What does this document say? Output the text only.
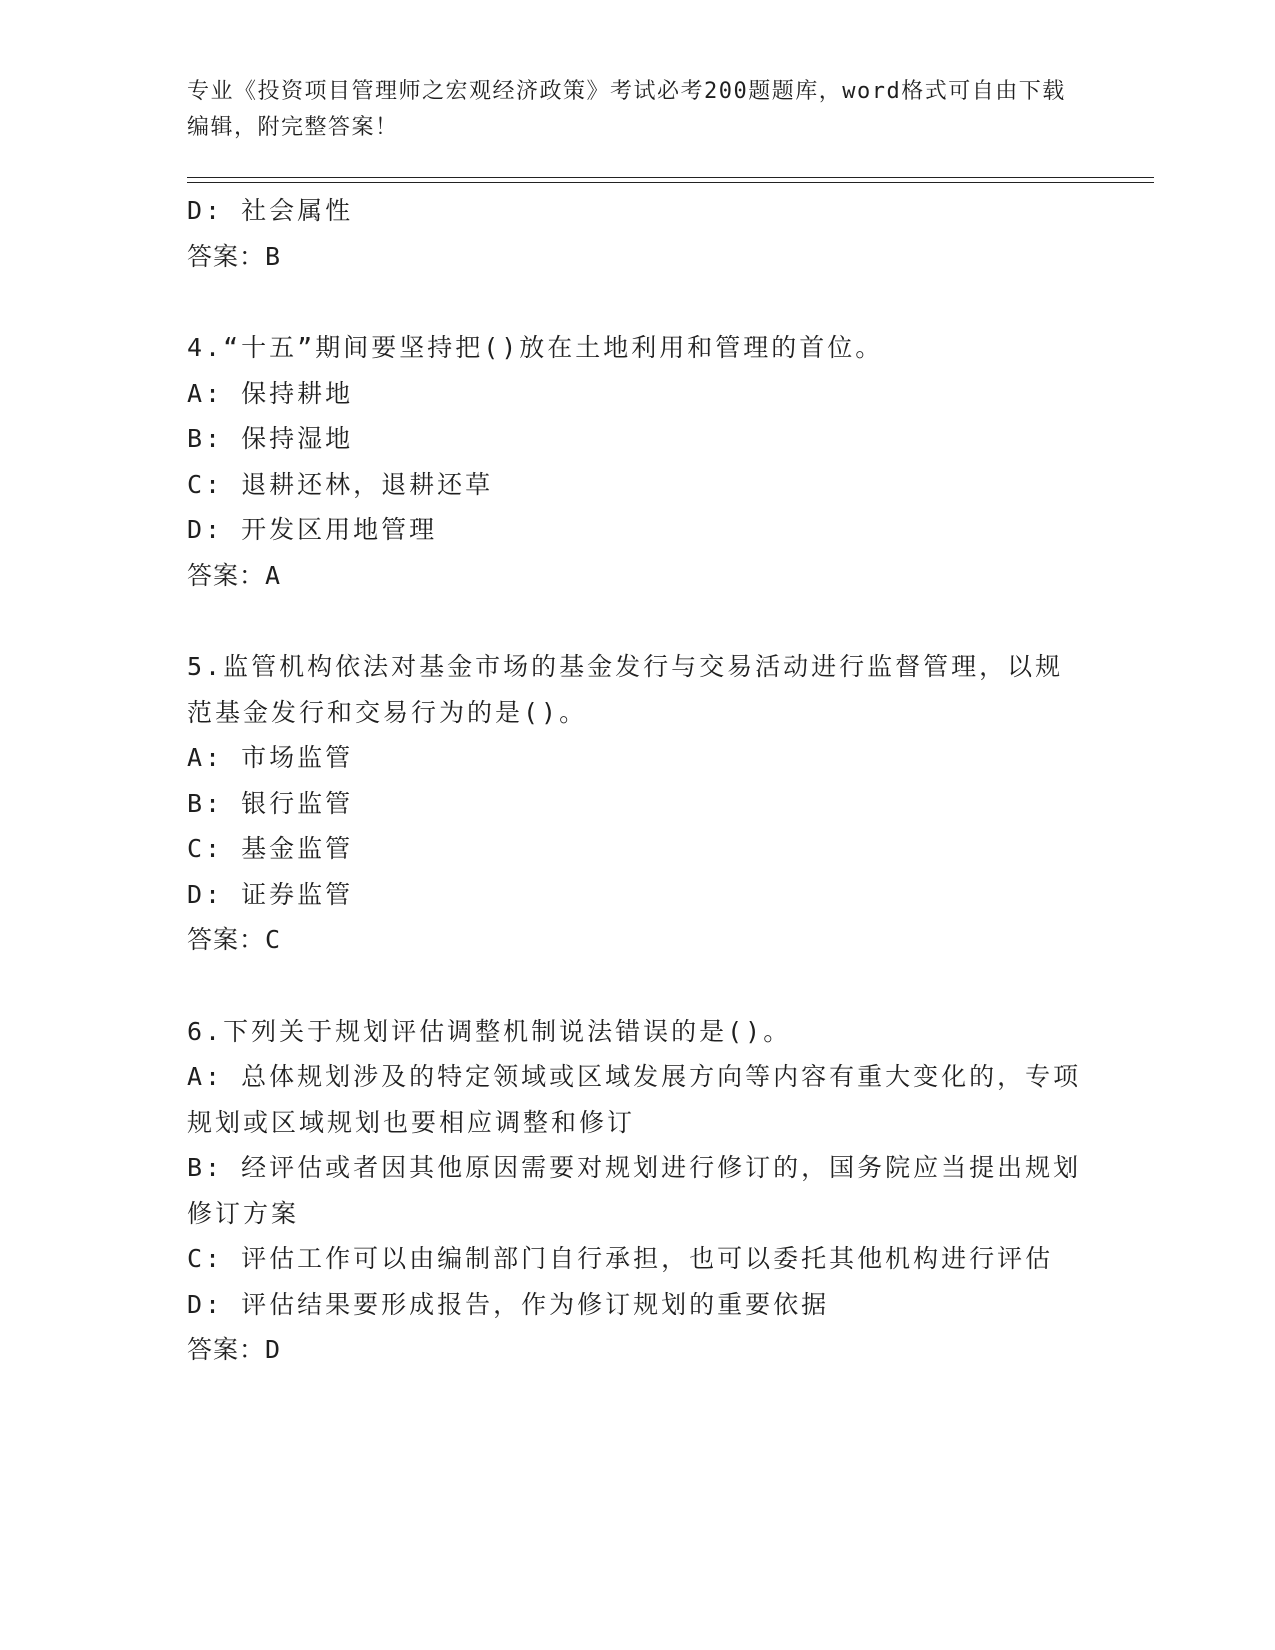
专业《投资项目管理师之宏观经济政策》考试必考200题题库，word格式可自由下载编辑，附完整答案！
D: 社会属性
答案：B
4.“十五”期间要坚持把()放在土地利用和管理的首位。
A: 保持耕地
B: 保持湿地
C: 退耕还林，退耕还草
D: 开发区用地管理
答案：A
5.监管机构依法对基金市场的基金发行与交易活动进行监督管理，以规范基金发行和交易行为的是()。
A: 市场监管
B: 银行监管
C: 基金监管
D: 证券监管
答案：C
6.下列关于规划评估调整机制说法错误的是()。
A: 总体规划涉及的特定领域或区域发展方向等内容有重大变化的，专项规划或区域规划也要相应调整和修订
B: 经评估或者因其他原因需要对规划进行修订的，国务院应当提出规划修订方案
C: 评估工作可以由编制部门自行承担，也可以委托其他机构进行评估
D: 评估结果要形成报告，作为修订规划的重要依据
答案：D
